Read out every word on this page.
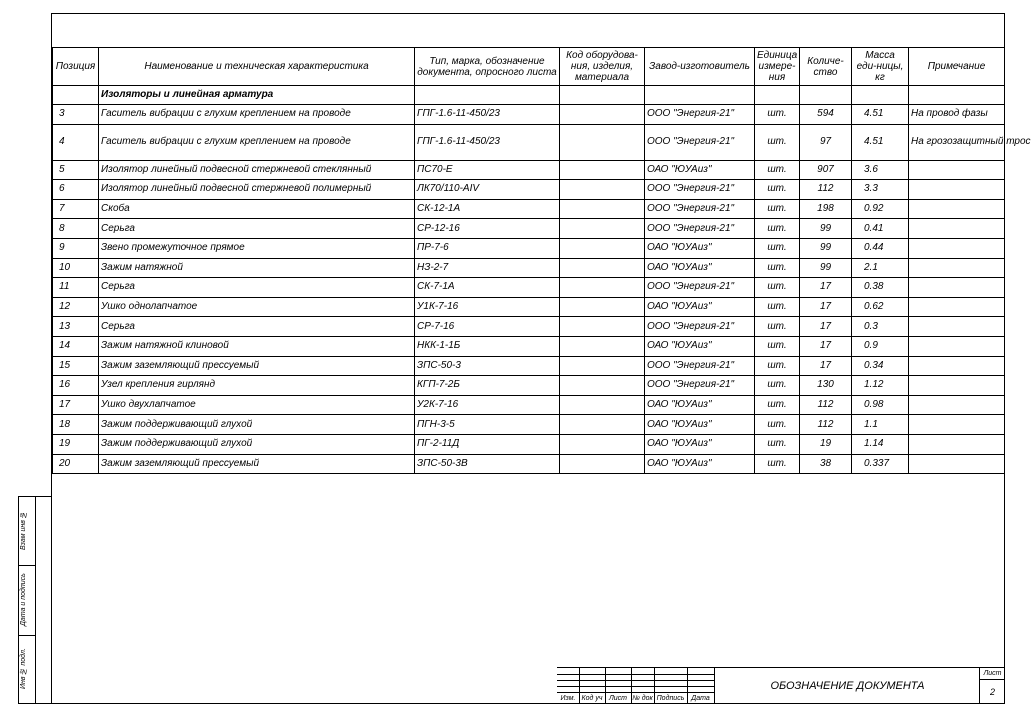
Позиция	Наименование и техническая характеристика	Тип, марка, обозначение документа, опросного листа	Код оборудова-ния, изделия, материала	Завод-изготовитель	Единица измере-ния	Количе-ство	Масса еди-ницы, кг	Примечание
	Изоляторы и линейная арматура							
3	Гаситель вибрации с глухим креплением на проводе	ГПГ-1.6-11-450/23		ООО "Энергия-21"	шт.	594	4.51	На провод фазы
4	Гаситель вибрации с глухим креплением на проводе	ГПГ-1.6-11-450/23		ООО "Энергия-21"	шт.	97	4.51	На грозозащитный трос
5	Изолятор линейный подвесной стержневой стеклянный	ПС70-Е		ОАО "ЮУАиз"	шт.	907	3.6	
6	Изолятор линейный подвесной стержневой полимерный	ЛК70/110-AIV		ООО "Энергия-21"	шт.	112	3.3	
7	Скоба	СК-12-1А		ООО "Энергия-21"	шт.	198	0.92	
8	Серьга	СР-12-16		ООО "Энергия-21"	шт.	99	0.41	
9	Звено промежуточное прямое	ПР-7-6		ОАО "ЮУАиз"	шт.	99	0.44	
10	Зажим натяжной	НЗ-2-7		ОАО "ЮУАиз"	шт.	99	2.1	
11	Серьга	СК-7-1А		ООО "Энергия-21"	шт.	17	0.38	
12	Ушко однолапчатое	У1К-7-16		ОАО "ЮУАиз"	шт.	17	0.62	
13	Серьга	СР-7-16		ООО "Энергия-21"	шт.	17	0.3	
14	Зажим натяжной клиновой	НКК-1-1Б		ОАО "ЮУАиз"	шт.	17	0.9	
15	Зажим заземляющий прессуемый	ЗПС-50-3		ООО "Энергия-21"	шт.	17	0.34	
16	Узел крепления гирлянд	КГП-7-2Б		ООО "Энергия-21"	шт.	130	1.12	
17	Ушко двухлапчатое	У2К-7-16		ОАО "ЮУАиз"	шт.	112	0.98	
18	Зажим поддерживающий глухой	ПГН-3-5		ОАО "ЮУАиз"	шт.	112	1.1	
19	Зажим поддерживающий глухой	ПГ-2-11Д		ОАО "ЮУАиз"	шт.	19	1.14	
20	Зажим заземляющий прессуемый	ЗПС-50-3В		ОАО "ЮУАиз"	шт.	38	0.337	
Взам инв №
Дата и подпись
Инв № подл.
Изм. Код уч Лист № док Подпись Дата
ОБОЗНАЧЕНИЕ ДОКУМЕНТА
Лист
2
